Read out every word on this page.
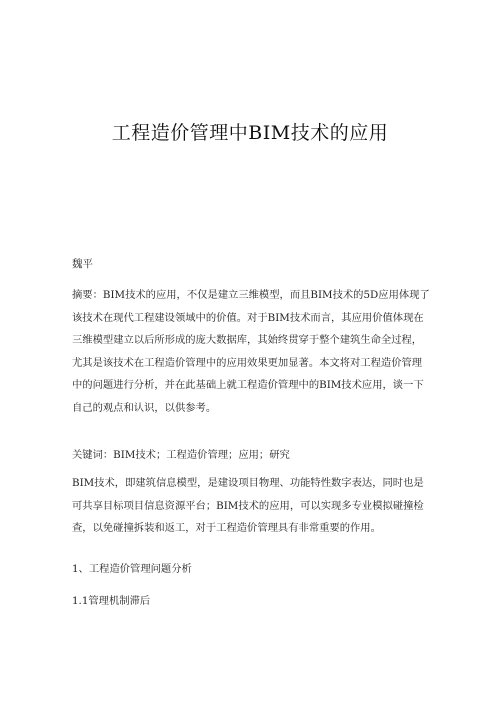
工程造价管理中BIM技术的应用
魏平
摘要：BIM技术的应用，不仅是建立三维模型，而且BIM技术的5D应用体现了
该技术在现代工程建设领域中的价值。对于BIM技术而言，其应用价值体现在
三维模型建立以后所形成的庞大数据库，其始终贯穿于整个建筑生命全过程，
尤其是该技术在工程造价管理中的应用效果更加显著。本文将对工程造价管理
中的问题进行分析，并在此基础上就工程造价管理中的BIM技术应用，谈一下
自己的观点和认识，以供参考。
关键词：BIM技术；工程造价管理；应用；研究
BIM技术，即建筑信息模型，是建设项目物理、功能特性数字表达，同时也是
可共享目标项目信息资源平台；BIM技术的应用，可以实现多专业模拟碰撞检
查，以免碰撞拆装和返工，对于工程造价管理具有非常重要的作用。
1、工程造价管理问题分析
1.1管理机制滞后
